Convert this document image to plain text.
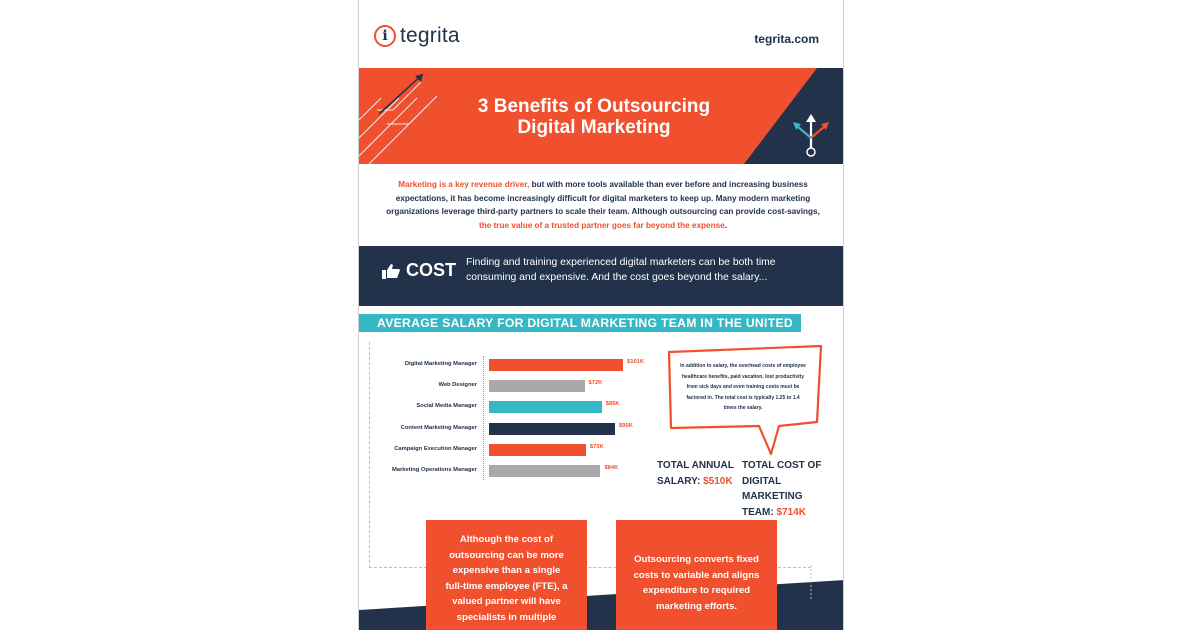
i tegrita	tegrita.com
3 Benefits of Outsourcing
Digital Marketing
Marketing is a key revenue driver, but with more tools available than ever before and increasing business expectations, it has become increasingly difficult for digital marketers to keep up. Many modern marketing organizations leverage third-party partners to scale their team. Although outsourcing can provide cost-savings, the true value of a trusted partner goes far beyond the expense.
COST Finding and training experienced digital marketers can be both time consuming and expensive. And the cost goes beyond the salary...
AVERAGE SALARY FOR DIGITAL MARKETING TEAM IN THE UNITED STATES
Digital Marketing Manager	$101K
Web Designer	$72K
Social Media Manager	$85K
Content Marketing Manager	$95K
Campaign Execution Manager	$73K
Marketing Operations Manager	$84K
In addition to salary, the overhead costs of employee healthcare benefits, paid vacation, lost productivity from sick days and even training costs must be factored in. The total cost is typically 1.25 to 1.4 times the salary.
TOTAL ANNUAL
SALARY: $510K
TOTAL COST OF
DIGITAL MARKETING
TEAM: $714K
Although the cost of outsourcing can be more expensive than a single full-time employee (FTE), a valued partner will have specialists in multiple
Outsourcing converts fixed costs to variable and aligns expenditure to required marketing efforts.
